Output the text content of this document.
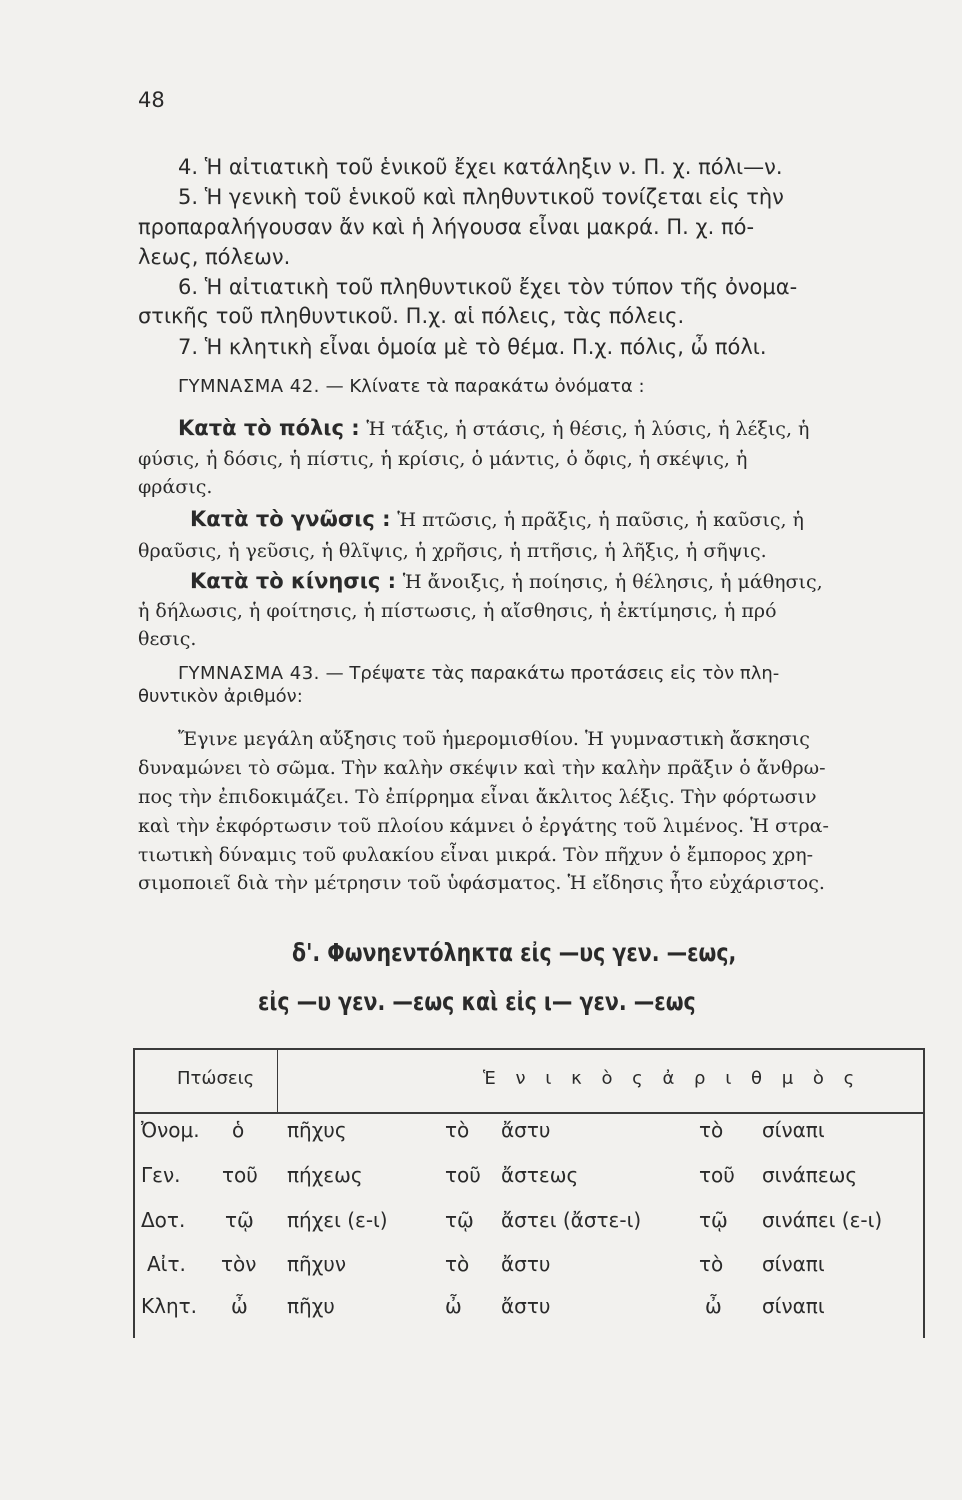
48
4. Ἡ αἰτιατικὴ τοῦ ἑνικοῦ ἔχει κατάληξιν ν. Π. χ. πόλι—ν.
5. Ἡ γενικὴ τοῦ ἑνικοῦ καὶ πληθυντικοῦ τονίζεται εἰς τὴν
προπαραλήγουσαν ἄν καὶ ἡ λήγουσα εἶναι μακρά. Π. χ. πό-
λεως, πόλεων.
6. Ἡ αἰτιατικὴ τοῦ πληθυντικοῦ ἔχει τὸν τύπον τῆς ὀνομα-
στικῆς τοῦ πληθυντικοῦ. Π.χ. αἱ πόλεις, τὰς πόλεις.
7. Ἡ κλητικὴ εἶναι ὁμοία μὲ τὸ θέμα. Π.χ. πόλις, ὦ πόλι.
ΓΥΜΝΑΣΜΑ 42. — Κλίνατε τὰ παρακάτω ὀνόματα :
Κατὰ τὸ πόλις : Ἡ τάξις, ἡ στάσις, ἡ θέσις, ἡ λύσις, ἡ λέξις, ἡ
φύσις, ἡ δόσις, ἡ πίστις, ἡ κρίσις, ὁ μάντις, ὁ ὄφις, ἡ σκέψις, ἡ
φράσις.
Κατὰ τὸ γνῶσις : Ἡ πτῶσις, ἡ πρᾶξις, ἡ παῦσις, ἡ καῦσις, ἡ
θραῦσις, ἡ γεῦσις, ἡ θλῖψις, ἡ χρῆσις, ἡ πτῆσις, ἡ λῆξις, ἡ σῆψις.
Κατὰ τὸ κίνησις : Ἡ ἄνοιξις, ἡ ποίησις, ἡ θέλησις, ἡ μάθησις,
ἡ δήλωσις, ἡ φοίτησις, ἡ πίστωσις, ἡ αἴσθησις, ἡ ἐκτίμησις, ἡ πρό
θεσις.
ΓΥΜΝΑΣΜΑ 43. — Τρέψατε τὰς παρακάτω προτάσεις εἰς τὸν πλη-
θυντικὸν ἀριθμόν:
Ἔγινε μεγάλη αὔξησις τοῦ ἡμερομισθίου. Ἡ γυμναστικὴ ἄσκησις
δυναμώνει τὸ σῶμα. Τὴν καλὴν σκέψιν καὶ τὴν καλὴν πρᾶξιν ὁ ἄνθρω-
πος τὴν ἐπιδοκιμάζει. Τὸ ἐπίρρημα εἶναι ἄκλιτος λέξις. Τὴν φόρτωσιν
καὶ τὴν ἐκφόρτωσιν τοῦ πλοίου κάμνει ὁ ἐργάτης τοῦ λιμένος. Ἡ στρα-
τιωτικὴ δύναμις τοῦ φυλακίου εἶναι μικρά. Τὸν πῆχυν ὁ ἔμπορος χρη-
σιμοποιεῖ διὰ τὴν μέτρησιν τοῦ ὑφάσματος. Ἡ εἴδησις ἦτο εὐχάριστος.
δ'. Φωνηεντόληκτα εἰς —υς γεν. —εως,
εἰς —υ γεν. —εως καὶ εἰς ι— γεν. —εως
Πτώσεις	Ἑ ν ι κ ὸ ς ἀ ρ ι θ μ ὸ ς
Ὀνομ. ὁ πῆχυς	τὸ ἄστυ	τὸ σίναπι
Γεν. τοῦ πήχεως	τοῦ ἄστεως	τοῦ σινάπεως
Δοτ. τῷ πήχει (ε-ι)	τῷ ἄστει (ἄστε-ι)	τῷ σινάπει (ε-ι)
Αἰτ. τὸν πῆχυν	τὸ ἄστυ	τὸ σίναπι
Κλητ. ὦ πῆχυ	ὦ ἄστυ	ὦ σίναπι
